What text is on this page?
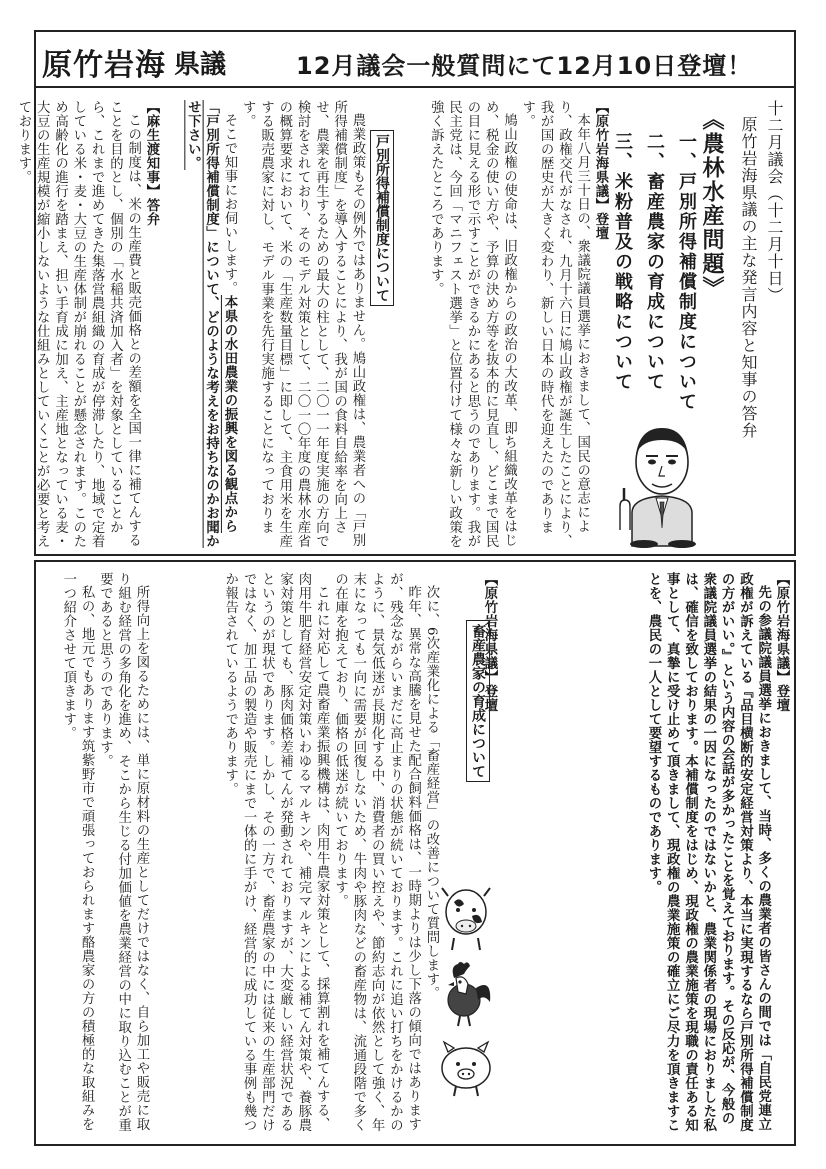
原竹岩海 県議	12月議会一般質問にて12月10日登壇！
十二月議会（十二月十日）
原竹岩海県議の主な発言内容と知事の答弁
《農林水産問題》
一、戸別所得補償制度について
二、畜産農家の育成について
三、米粉普及の戦略について
【原竹岩海県議】登壇
本年八月三十日の、衆議院議員選挙におきまして、国民の意志により、政権交代がなされ、九月十六日に鳩山政権が誕生したことにより、我が国の歴史が大きく変わり、新しい日本の時代を迎えたのであります。
鳩山政権の使命は、旧政権からの政治の大改革、即ち組織改革をはじめ、税金の使い方や、予算の決め方等を抜本的に見直し、どこまで国民の目に見える形で示すことができるかにあると思うのであります。我が民主党は、今回「マニフェスト選挙」と位置付けて様々な新しい政策を強く訴えたところであります。
戸別所得補償制度について
農業政策もその例外ではありません。鳩山政権は、農業者への「戸別所得補償制度」を導入することにより、我が国の食料自給率を向上させ、農業を再生するための最大の柱として、二〇一一年度実施の方向で検討をされており、そのモデル対策として、二〇一〇年度の農林水産省の概算要求において、米の「生産数量目標」に即して、主食用米を生産する販売農家に対し、モデル事業を先行実施することになっております。
そこで知事にお伺いします。本県の水田農業の振興を図る観点から「戸別所得補償制度」について、どのような考えをお持ちなのかお聞かせ下さい。
【麻生渡知事】答弁
この制度は、米の生産費と販売価格との差額を全国一律に補てんすることを目的とし、個別の「水稲共済加入者」を対象としていることから、これまで進めてきた集落営農組織の育成が停滞したり、地域で定着している米・麦・大豆の生産体制が崩れることが懸念されます。このため高齢化の進行を踏まえ、担い手育成に加え、主産地となっている麦・大豆の生産規模が縮小しないような仕組みとしていくことが必要と考えております。
【原竹岩海県議】登壇
先の参議院議員選挙におきまして、当時、多くの農業者の皆さんの間では「自民党連立政権が訴えている『品目横断的安定経営対策より、本当に実現するなら戸別所得補償制度の方がいい。』という内容の会話が多かったことを覚えております。その反応が、今般の衆議院議員選挙の結果の一因になったのではないかと、農業関係者の現場におりました私は、確信を致しております。本補償制度をはじめ、現政権の農業施策を現職の責任ある知事として、真摯に受け止めて頂きまして、現政権の農業施策の確立にご尽力を頂きますことを、農民の一人として要望するものであります。
【原竹岩海県議】登壇
畜産農家の育成について
次に、6次産業化による「畜産経営」の改善について質問します。
昨年、異常な高騰を見せた配合飼料価格は、一時期よりは少し下落の傾向ではありますが、残念ながらいまだに高止まりの状態が続いております。これに追い打ちをかけるかのように、景気低迷が長期化する中、消費者の買い控えや、節約志向が依然として強く、年末になっても一向に需要が回復しないため、牛肉や豚肉などの畜産物は、流通段階で多くの在庫を抱えており、価格の低迷が続いております。
これに対応して農畜産業振興機構は、肉用牛農家対策として、採算割れを補てんする、肉用牛肥育経営安定対策いわゆるマルキンや、補完マルキンによる補てん対策や、養豚農家対策としても、豚肉価格差補てんが発動されておりますが、大変厳しい経営状況であるというのが現状であります。しかし、その一方で、畜産農家の中には従来の生産部門だけではなく、加工品の製造や販売にまで一体的に手がけ、経営的に成功している事例も幾つか報告されているようであります。
所得向上を図るためには、単に原材料の生産としてだけではなく、自ら加工や販売に取り組む経営の多角化を進め、そこから生じる付加価値を農業経営の中に取り込むことが重要であると思うのであります。
私の、地元でもあります筑紫野市で頑張っておられます酪農家の方の積極的な取組みを一つ紹介させて頂きます。
